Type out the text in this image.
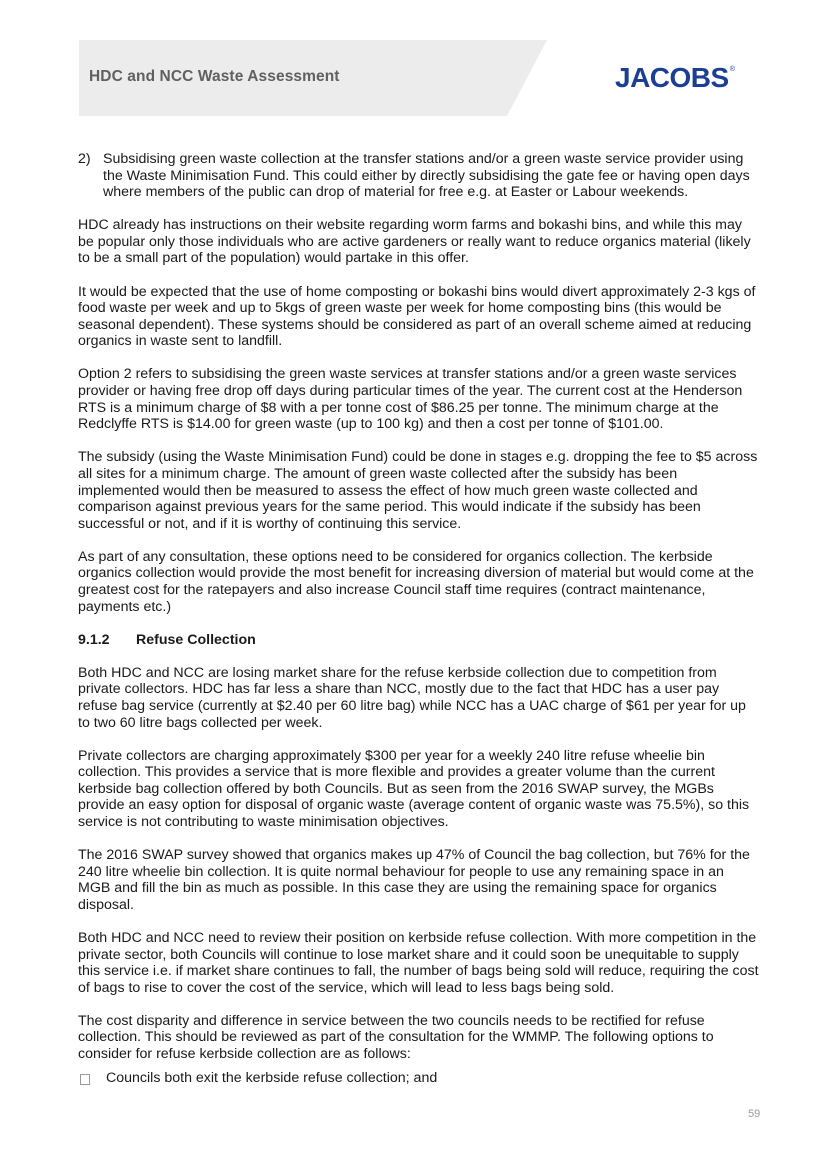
HDC and NCC Waste Assessment	JACOBS®
2) Subsidising green waste collection at the transfer stations and/or a green waste service provider using the Waste Minimisation Fund. This could either by directly subsidising the gate fee or having open days where members of the public can drop of material for free e.g. at Easter or Labour weekends.

HDC already has instructions on their website regarding worm farms and bokashi bins, and while this may be popular only those individuals who are active gardeners or really want to reduce organics material (likely to be a small part of the population) would partake in this offer.

It would be expected that the use of home composting or bokashi bins would divert approximately 2-3 kgs of food waste per week and up to 5kgs of green waste per week for home composting bins (this would be seasonal dependent). These systems should be considered as part of an overall scheme aimed at reducing organics in waste sent to landfill.

Option 2 refers to subsidising the green waste services at transfer stations and/or a green waste services provider or having free drop off days during particular times of the year. The current cost at the Henderson RTS is a minimum charge of $8 with a per tonne cost of $86.25 per tonne. The minimum charge at the Redclyffe RTS is $14.00 for green waste (up to 100 kg) and then a cost per tonne of $101.00.

The subsidy (using the Waste Minimisation Fund) could be done in stages e.g. dropping the fee to $5 across all sites for a minimum charge. The amount of green waste collected after the subsidy has been implemented would then be measured to assess the effect of how much green waste collected and comparison against previous years for the same period. This would indicate if the subsidy has been successful or not, and if it is worthy of continuing this service.

As part of any consultation, these options need to be considered for organics collection. The kerbside organics collection would provide the most benefit for increasing diversion of material but would come at the greatest cost for the ratepayers and also increase Council staff time requires (contract maintenance, payments etc.)

9.1.2	Refuse Collection

Both HDC and NCC are losing market share for the refuse kerbside collection due to competition from private collectors. HDC has far less a share than NCC, mostly due to the fact that HDC has a user pay refuse bag service (currently at $2.40 per 60 litre bag) while NCC has a UAC charge of $61 per year for up to two 60 litre bags collected per week.

Private collectors are charging approximately $300 per year for a weekly 240 litre refuse wheelie bin collection. This provides a service that is more flexible and provides a greater volume than the current kerbside bag collection offered by both Councils. But as seen from the 2016 SWAP survey, the MGBs provide an easy option for disposal of organic waste (average content of organic waste was 75.5%), so this service is not contributing to waste minimisation objectives.

The 2016 SWAP survey showed that organics makes up 47% of Council the bag collection, but 76% for the 240 litre wheelie bin collection. It is quite normal behaviour for people to use any remaining space in an MGB and fill the bin as much as possible. In this case they are using the remaining space for organics disposal.

Both HDC and NCC need to review their position on kerbside refuse collection. With more competition in the private sector, both Councils will continue to lose market share and it could soon be unequitable to supply this service i.e. if market share continues to fall, the number of bags being sold will reduce, requiring the cost of bags to rise to cover the cost of the service, which will lead to less bags being sold.

The cost disparity and difference in service between the two councils needs to be rectified for refuse collection. This should be reviewed as part of the consultation for the WMMP. The following options to consider for refuse kerbside collection are as follows:

Councils both exit the kerbside refuse collection; and
59
